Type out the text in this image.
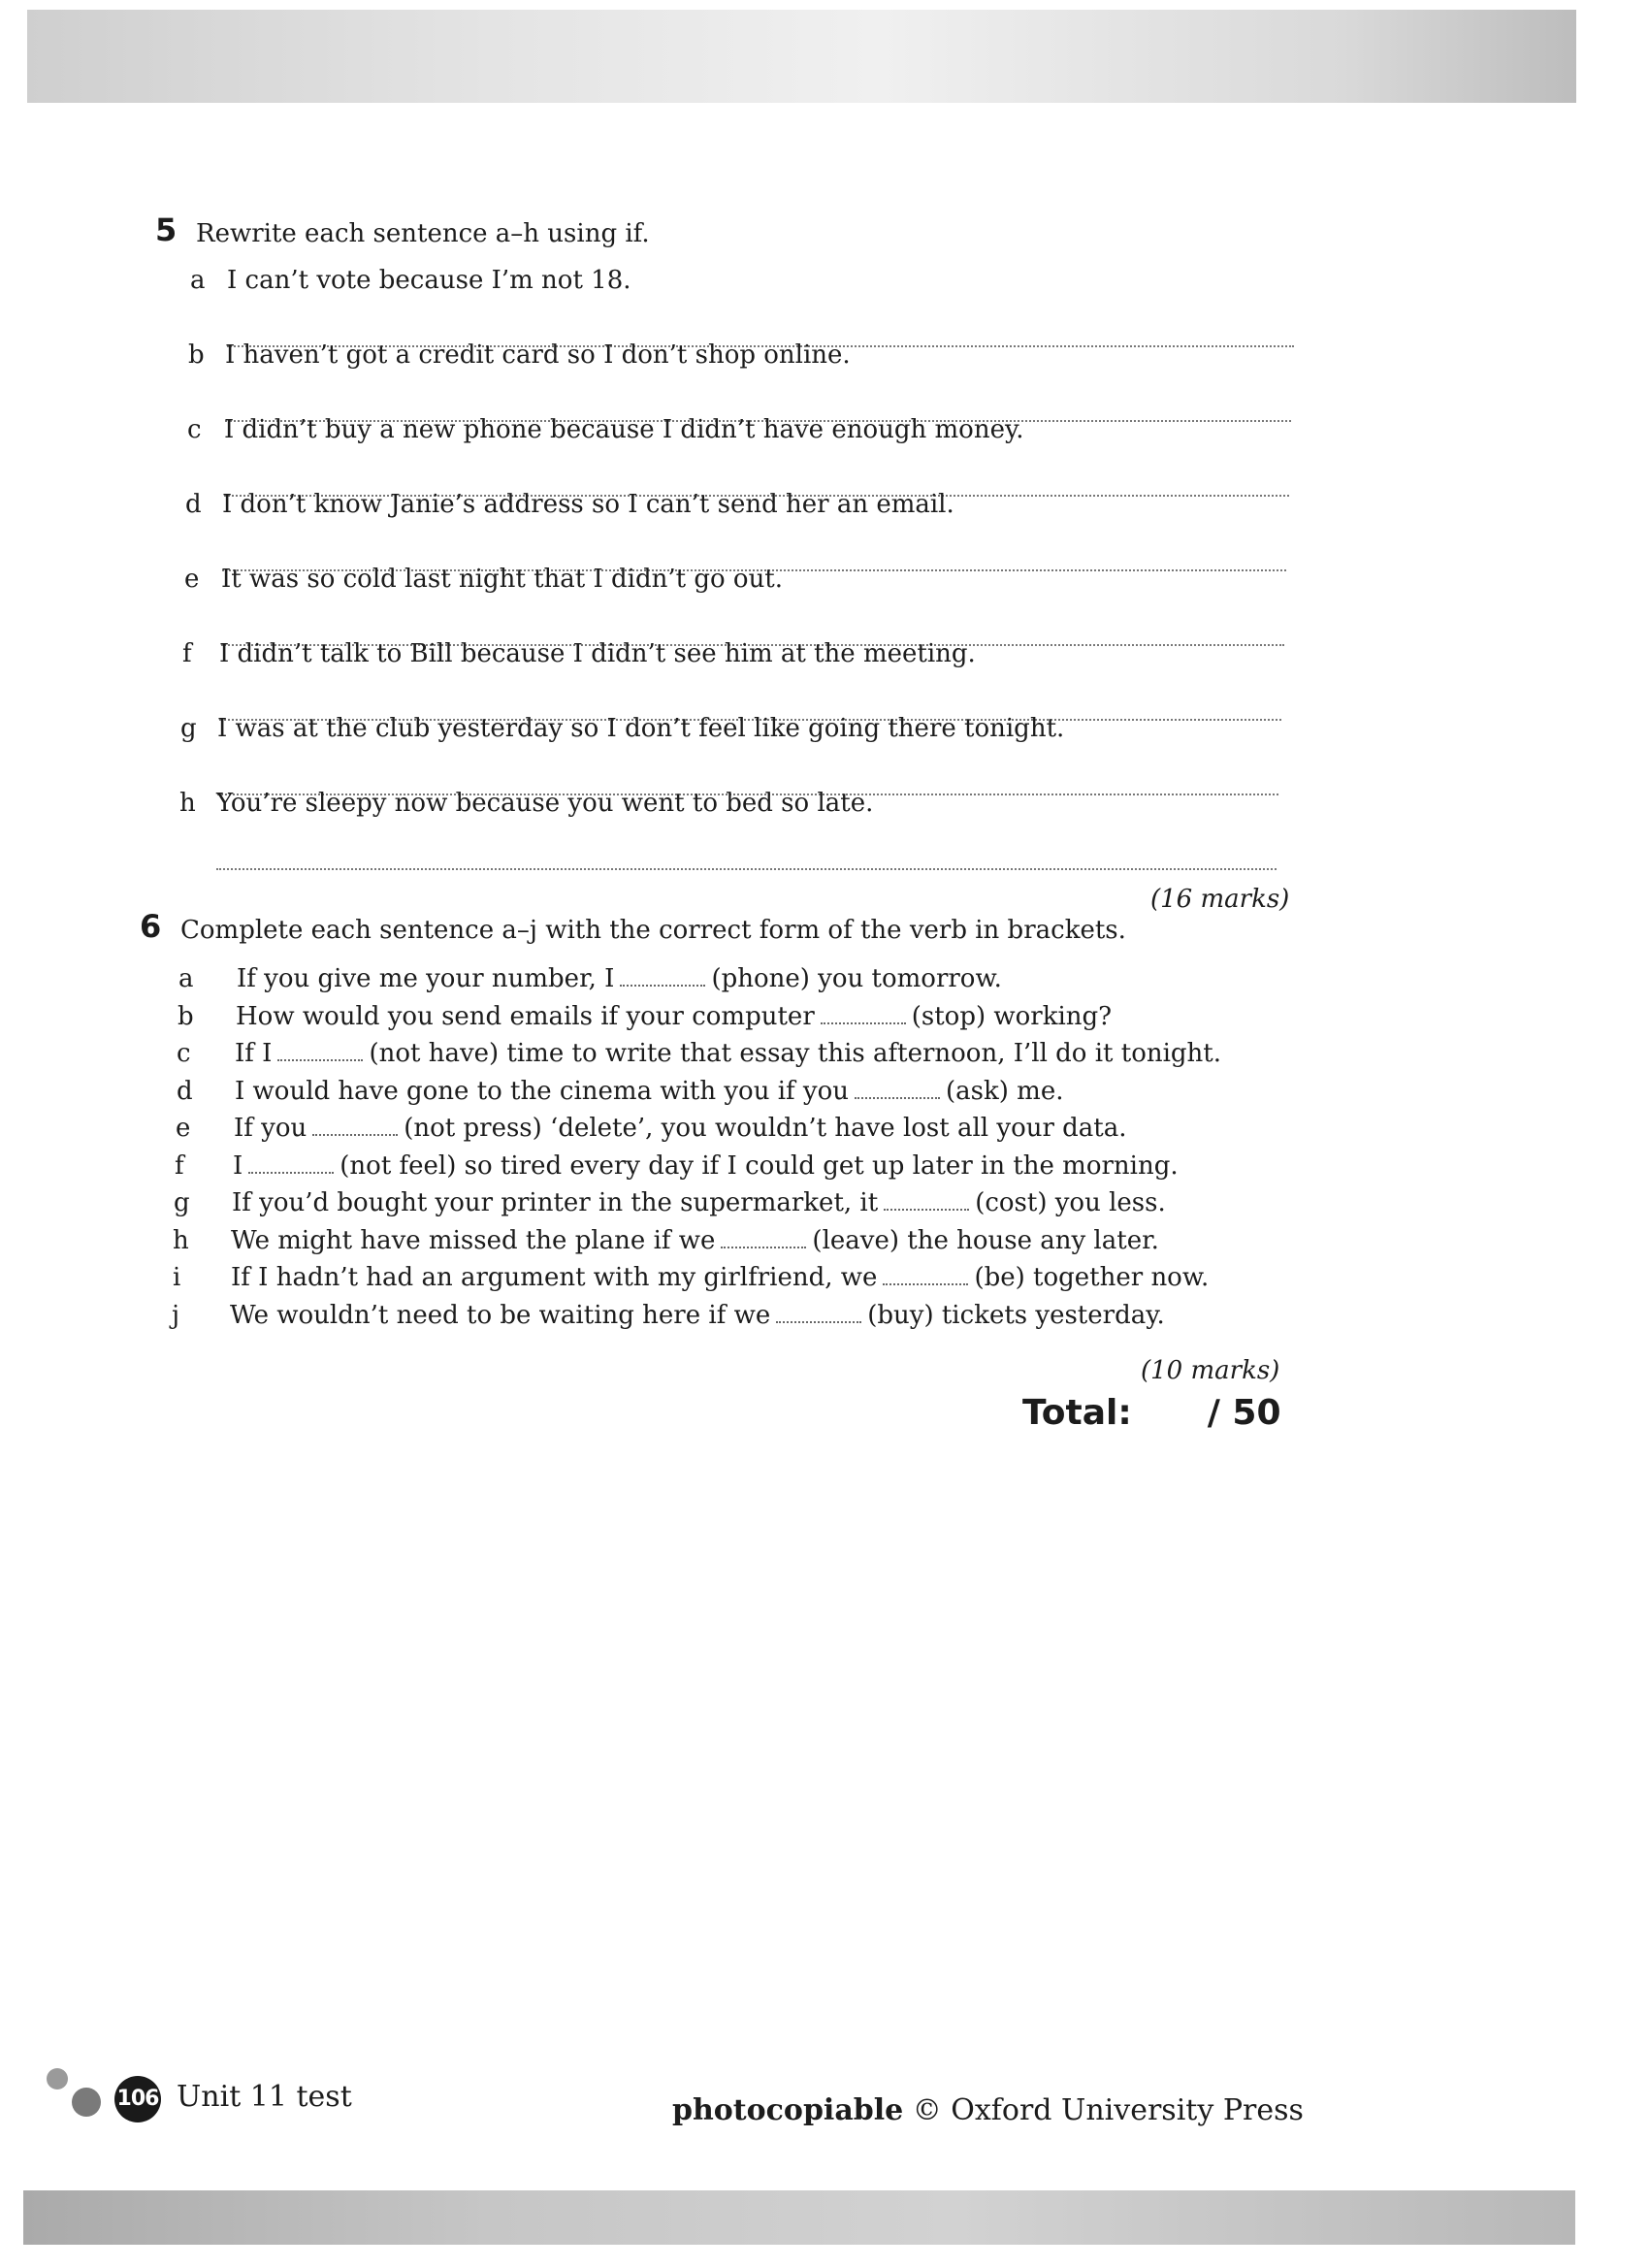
5 Rewrite each sentence a–h using if.
a I can’t vote because I’m not 18.
b I haven’t got a credit card so I don’t shop online.
c I didn’t buy a new phone because I didn’t have enough money.
d I don’t know Janie’s address so I can’t send her an email.
e It was so cold last night that I didn’t go out.
f I didn’t talk to Bill because I didn’t see him at the meeting.
g I was at the club yesterday so I don’t feel like going there tonight.
h You’re sleepy now because you went to bed so late.
(16 marks)
6 Complete each sentence a–j with the correct form of the verb in brackets.
a If you give me your number, I	(phone) you tomorrow.
b How would you send emails if your computer	(stop) working?
c If I	(not have) time to write that essay this afternoon, I’ll do it tonight.
d I would have gone to the cinema with you if you	(ask) me.
e If you	(not press) ‘delete’, you wouldn’t have lost all your data.
f I	(not feel) so tired every day if I could get up later in the morning.
g If you’d bought your printer in the supermarket, it	(cost) you less.
h We might have missed the plane if we	(leave) the house any later.
i If I hadn’t had an argument with my girlfriend, we	(be) together now.
j We wouldn’t need to be waiting here if we	(buy) tickets yesterday.
(10 marks)
Total: / 50
106 Unit 11 test	photocopiable © Oxford University Press
